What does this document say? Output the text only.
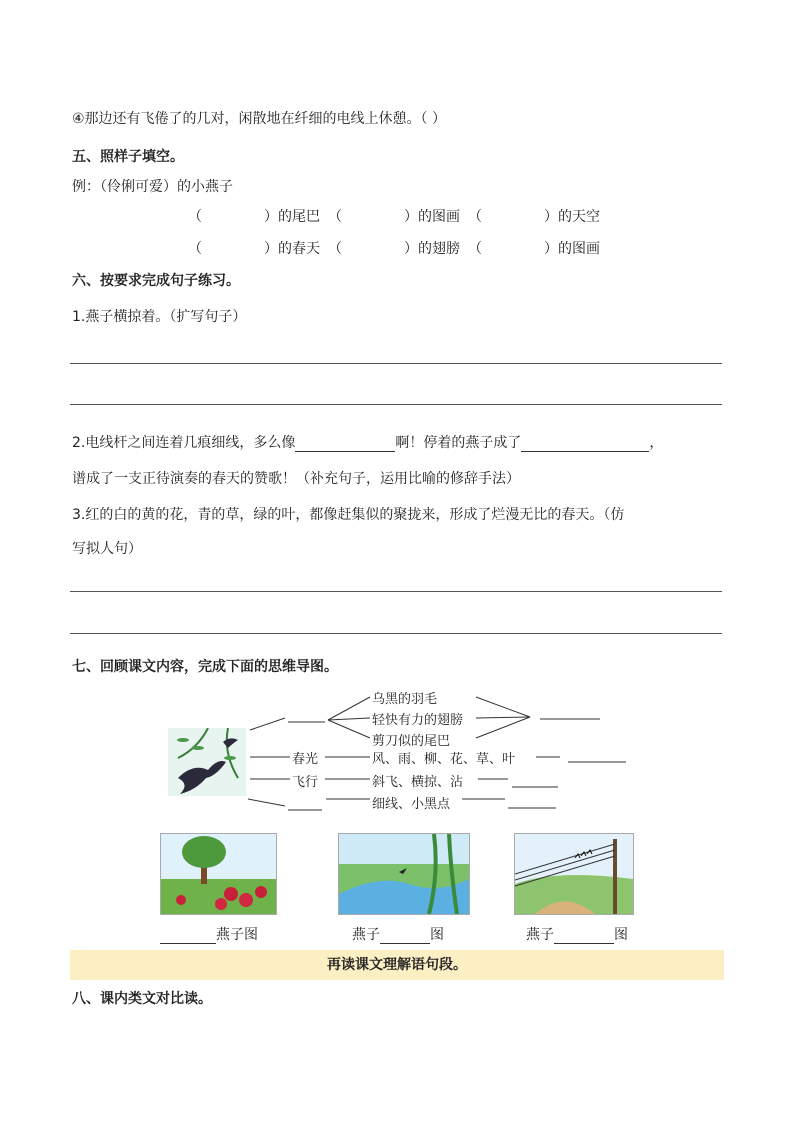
④那边还有飞倦了的几对，闲散地在纤细的电线上休憩。（ ）
五、照样子填空。
例：（伶俐可爱）的小燕子
（	）的尾巴 （	）的图画 （	）的天空
（	）的春天 （	）的翅膀 （	）的图画
六、按要求完成句子练习。
1.燕子横掠着。（扩写句子）
2.电线杆之间连着几痕细线，多么像	啊！停着的燕子成了	，
谱成了一支正待演奏的春天的赞歌！（补充句子，运用比喻的修辞手法）
3.红的白的黄的花，青的草，绿的叶，都像赶集似的聚拢来，形成了烂漫无比的春天。（仿
写拟人句）
七、回顾课文内容，完成下面的思维导图。
乌黑的羽毛
轻快有力的翅膀
剪刀似的尾巴
春光	风、雨、柳、花、草、叶
飞行	斜飞、横掠、沾
细线、小黑点
燕子图	燕子	图	燕子	图
再读课文理解语句段。
八、课内类文对比读。
